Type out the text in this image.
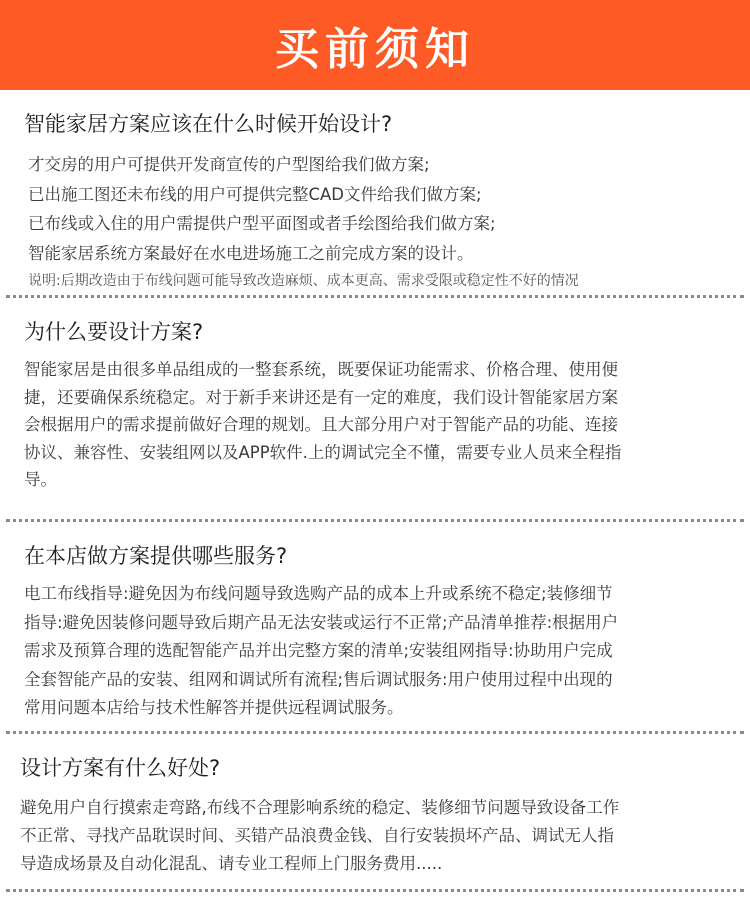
买前须知

智能家居方案应该在什么时候开始设计?

才交房的用户可提供开发商宣传的户型图给我们做方案;

已出施工图还未布线的用户可提供完整CAD文件给我们做方案;

已布线或入住的用户需提供户型平面图或者手绘图给我们做方案;

智能家居系统方案最好在水电进场施工之前完成方案的设计。

说明:后期改造由于布线问题可能导致改造麻烦、成本更高、需求受限或稳定性不好的情况

为什么要设计方案?

智能家居是由很多单品组成的一整套系统，既要保证功能需求、价格合理、使用便
捷，还要确保系统稳定。对于新手来讲还是有一定的难度，我们设计智能家居方案
会根据用户的需求提前做好合理的规划。且大部分用户对于智能产品的功能、连接
协议、兼容性、安装组网以及APP软件.上的调试完全不懂，需要专业人员来全程指
导。

在本店做方案提供哪些服务?

电工布线指导:避免因为布线问题导致选购产品的成本上升或系统不稳定;装修细节
指导:避免因装修问题导致后期产品无法安装或运行不正常;产品清单推荐:根据用户
需求及预算合理的选配智能产品并出完整方案的清单;安装组网指导:协助用户完成
全套智能产品的安装、组网和调试所有流程;售后调试服务:用户使用过程中出现的
常用问题本店给与技术性解答并提供远程调试服务。

设计方案有什么好处?

避免用户自行摸索走弯路,布线不合理影响系统的稳定、装修细节问题导致设备工作
不正常、寻找产品耽误时间、买错产品浪费金钱、自行安装损坏产品、调试无人指
导造成场景及自动化混乱、请专业工程师上门服务费用.....
